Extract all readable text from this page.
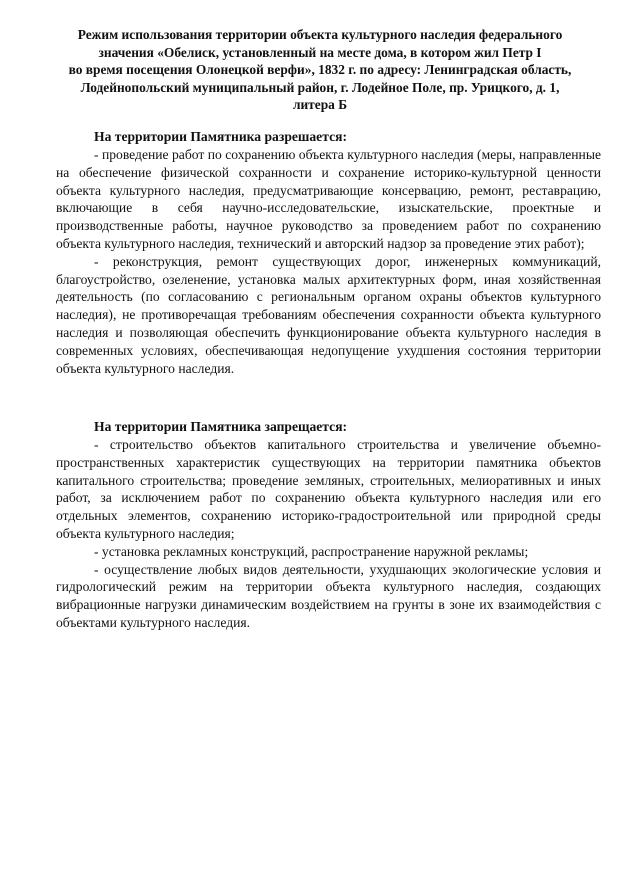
Режим использования территории объекта культурного наследия федерального
значения «Обелиск, установленный на месте дома, в котором жил Петр I
во время посещения Олонецкой верфи», 1832 г. по адресу: Ленинградская область,
Лодейнопольский муниципальный район, г. Лодейное Поле, пр. Урицкого, д. 1,
литера Б
На территории Памятника разрешается:

- проведение работ по сохранению объекта культурного наследия (меры, направленные на обеспечение физической сохранности и сохранение историко-культурной ценности объекта культурного наследия, предусматривающие консервацию, ремонт, реставрацию, включающие в себя научно-исследовательские, изыскательские, проектные и производственные работы, научное руководство за проведением работ по сохранению объекта культурного наследия, технический и авторский надзор за проведение этих работ);

- реконструкция, ремонт существующих дорог, инженерных коммуникаций, благоустройство, озеленение, установка малых архитектурных форм, иная хозяйственная деятельность (по согласованию с региональным органом охраны объектов культурного наследия), не противоречащая требованиям обеспечения сохранности объекта культурного наследия и позволяющая обеспечить функционирование объекта культурного наследия в современных условиях, обеспечивающая недопущение ухудшения состояния территории объекта культурного наследия.

На территории Памятника запрещается:

- строительство объектов капитального строительства и увеличение объемно-пространственных характеристик существующих на территории памятника объектов капитального строительства; проведение земляных, строительных, мелиоративных и иных работ, за исключением работ по сохранению объекта культурного наследия или его отдельных элементов, сохранению историко-градостроительной или природной среды объекта культурного наследия;

- установка рекламных конструкций, распространение наружной рекламы;

- осуществление любых видов деятельности, ухудшающих экологические условия и гидрологический режим на территории объекта культурного наследия, создающих вибрационные нагрузки динамическим воздействием на грунты в зоне их взаимодействия с объектами культурного наследия.
